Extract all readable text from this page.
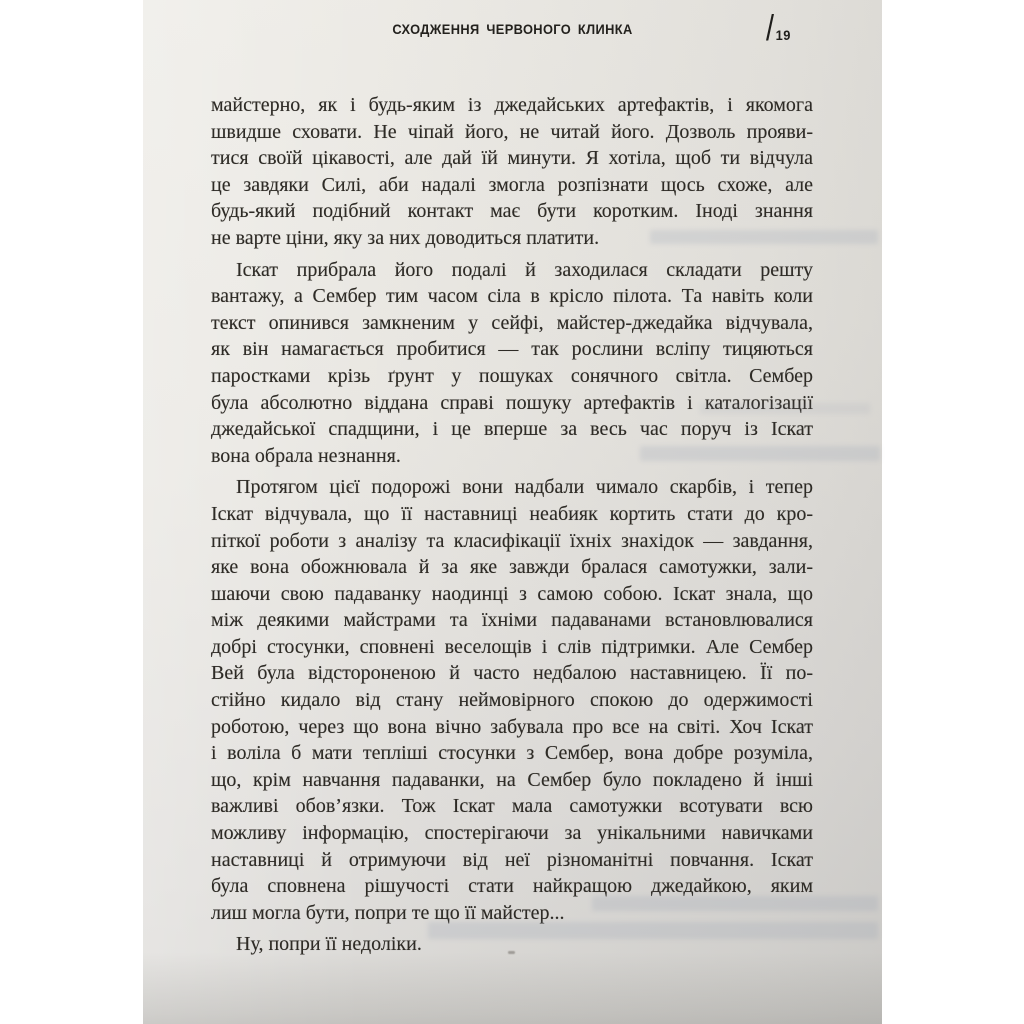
СХОДЖЕННЯ ЧЕРВОНОГО КЛИНКА	/ 19
майстерно, як і будь-яким із джедайських артефактів, і якомога
швидше сховати. Не чіпай його, не читай його. Дозволь прояви-
тися своїй цікавості, але дай їй минути. Я хотіла, щоб ти відчула
це завдяки Силі, аби надалі змогла розпізнати щось схоже, але
будь-який подібний контакт має бути коротким. Іноді знання
не варте ціни, яку за них доводиться платити.
Іскат прибрала його подалі й заходилася складати решту
вантажу, а Сембер тим часом сіла в крісло пілота. Та навіть коли
текст опинився замкненим у сейфі, майстер-джедайка відчувала,
як він намагається пробитися — так рослини всліпу тицяються
паростками крізь ґрунт у пошуках сонячного світла. Сембер
була абсолютно віддана справі пошуку артефактів і каталогізації
джедайської спадщини, і це вперше за весь час поруч із Іскат
вона обрала незнання.
Протягом цієї подорожі вони надбали чимало скарбів, і тепер
Іскат відчувала, що її наставниці неабияк кортить стати до кро-
піткої роботи з аналізу та класифікації їхніх знахідок — завдання,
яке вона обожнювала й за яке завжди бралася самотужки, зали-
шаючи свою падаванку наодинці з самою собою. Іскат знала, що
між деякими майстрами та їхніми падаванами встановлювалися
добрі стосунки, сповнені веселощів і слів підтримки. Але Сембер
Вей була відстороненою й часто недбалою наставницею. Її по-
стійно кидало від стану неймовірного спокою до одержимості
роботою, через що вона вічно забувала про все на світі. Хоч Іскат
і воліла б мати тепліші стосунки з Сембер, вона добре розуміла,
що, крім навчання падаванки, на Сембер було покладено й інші
важливі обов’язки. Тож Іскат мала самотужки всотувати всю
можливу інформацію, спостерігаючи за унікальними навичками
наставниці й отримуючи від неї різноманітні повчання. Іскат
була сповнена рішучості стати найкращою джедайкою, яким
лиш могла бути, попри те що її майстер...
Ну, попри її недоліки.
